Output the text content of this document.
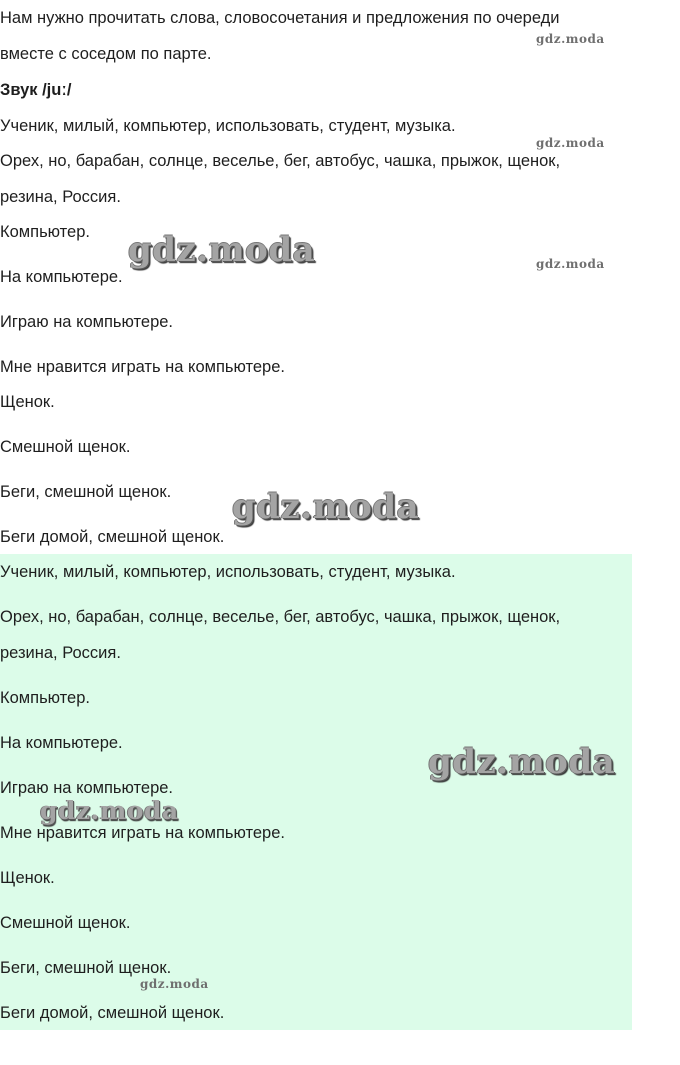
Нам нужно прочитать слова, словосочетания и предложения по очереди
вместе с соседом по парте.
Звук /juː/
Ученик, милый, компьютер, использовать, студент, музыка.
Орех, но, барабан, солнце, веселье, бег, автобус, чашка, прыжок, щенок,
резина, Россия.
Компьютер.
На компьютере.
Играю на компьютере.
Мне нравится играть на компьютере.
Щенок.
Смешной щенок.
Беги, смешной щенок.
Беги домой, смешной щенок.
Ученик, милый, компьютер, использовать, студент, музыка.
Орех, но, барабан, солнце, веселье, бег, автобус, чашка, прыжок, щенок,
резина, Россия.
Компьютер.
На компьютере.
Играю на компьютере.
Мне нравится играть на компьютере.
Щенок.
Смешной щенок.
Беги, смешной щенок.
Беги домой, смешной щенок.
gdz.moda
gdz.moda
gdz.moda
gdz.moda
gdz.moda
gdz.moda
gdz.moda
gdz.moda
